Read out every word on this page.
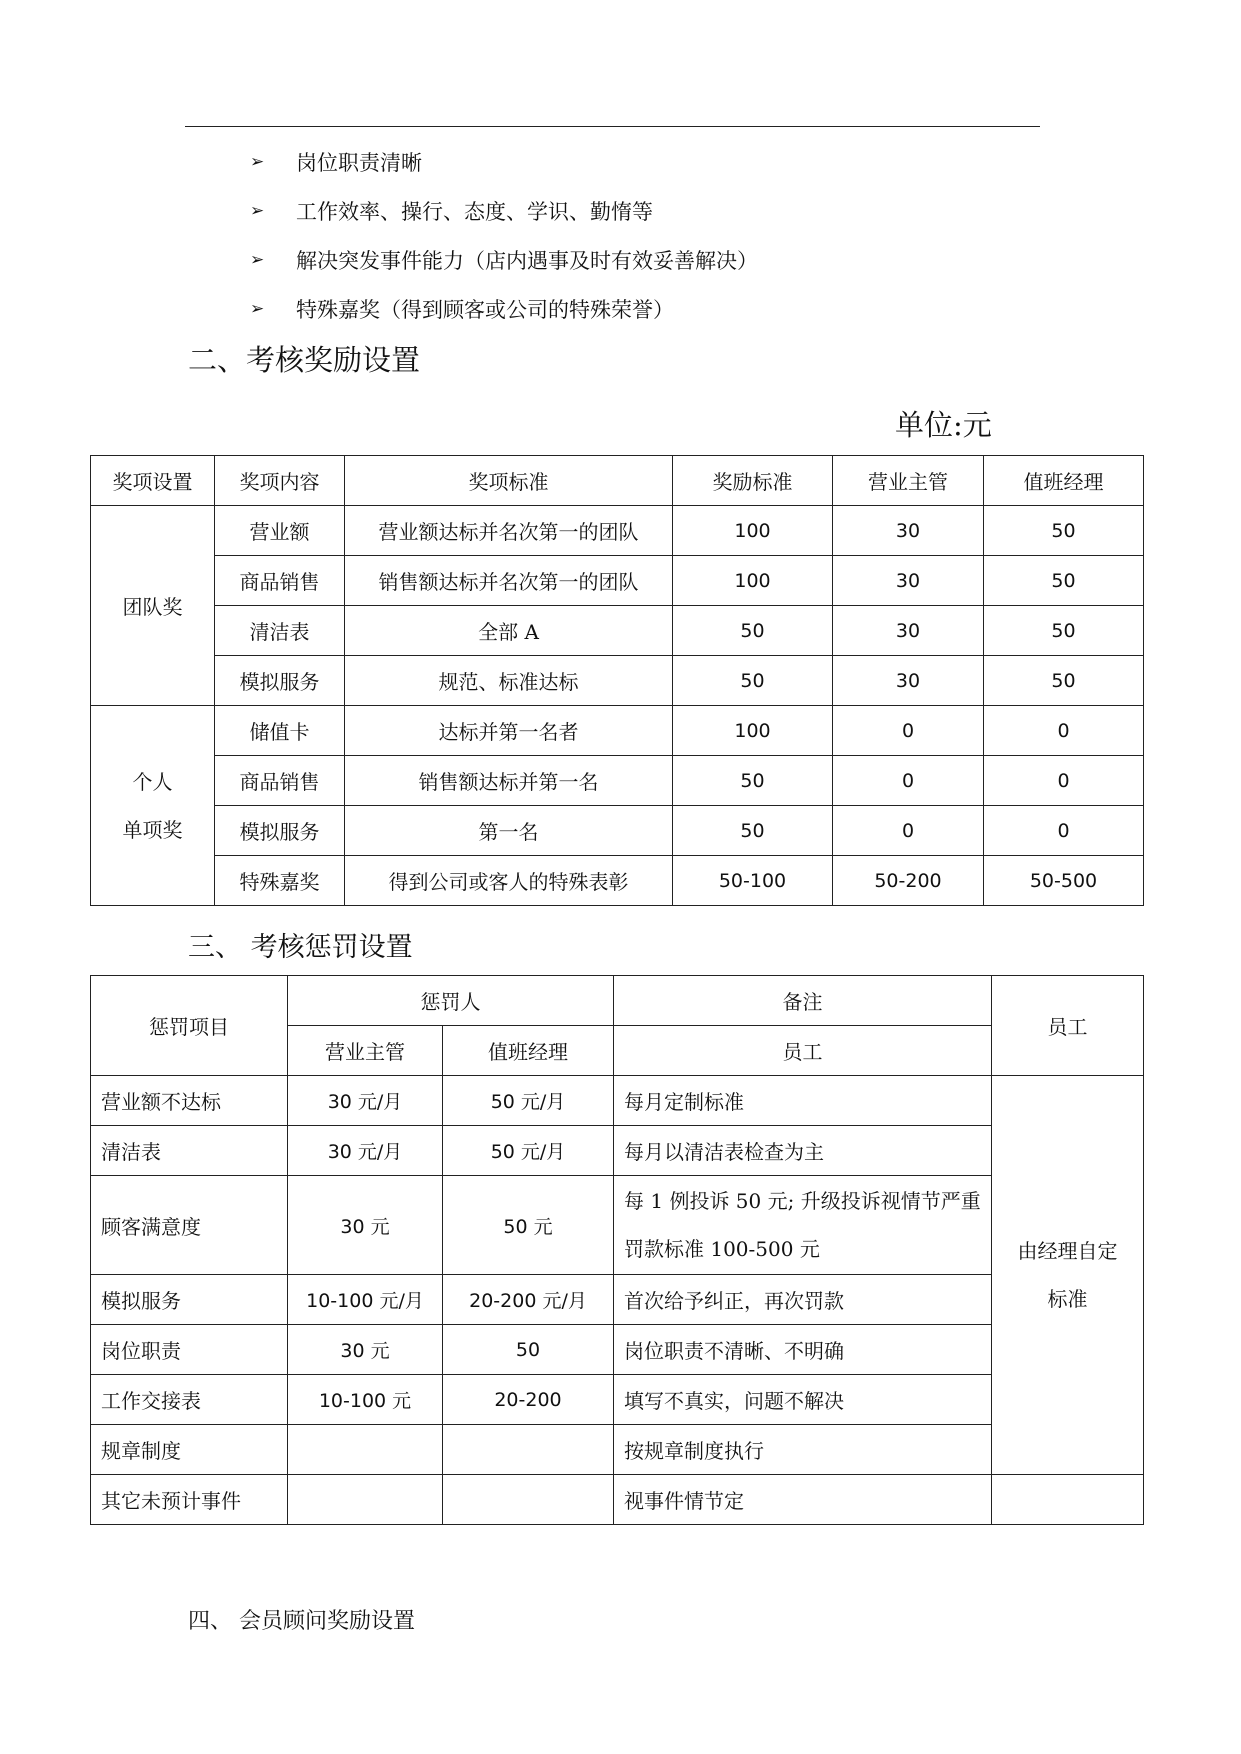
➢	岗位职责清晰
➢	工作效率、操行、态度、学识、勤惰等
➢	解决突发事件能力（店内遇事及时有效妥善解决）
➢	特殊嘉奖（得到顾客或公司的特殊荣誉）
二、考核奖励设置
单位:元
奖项设置	奖项内容	奖项标准	奖励标准	营业主管	值班经理
团队奖	营业额	营业额达标并名次第一的团队	100	30	50
	商品销售	销售额达标并名次第一的团队	100	30	50
	清洁表	全部 A	50	30	50
	模拟服务	规范、标准达标	50	30	50

个人
单项奖	储值卡	达标并第一名者	100	0	0
	商品销售	销售额达标并第一名	50	0	0
	模拟服务	第一名	50	0	0
	特殊嘉奖	得到公司或客人的特殊表彰	50-100	50-200	50-500
三、 考核惩罚设置
惩罚项目	惩罚人		备注	员工
	营业主管	值班经理	员工	
营业额不达标	30 元/月	50 元/月	每月定制标准	由经理自定标准
清洁表	30 元/月	50 元/月	每月以清洁表检查为主	
顾客满意度	30 元	50 元	每 1 例投诉 50 元; 升级投诉视情节严重罚款标准 100-500 元	
模拟服务	10-100 元/月	20-200 元/月	首次给予纠正，再次罚款	
岗位职责	30 元	50	岗位职责不清晰、不明确	
工作交接表	10-100 元	20-200	填写不真实，问题不解决	
规章制度			按规章制度执行	
其它未预计事件			视事件情节定	
四、 会员顾问奖励设置
